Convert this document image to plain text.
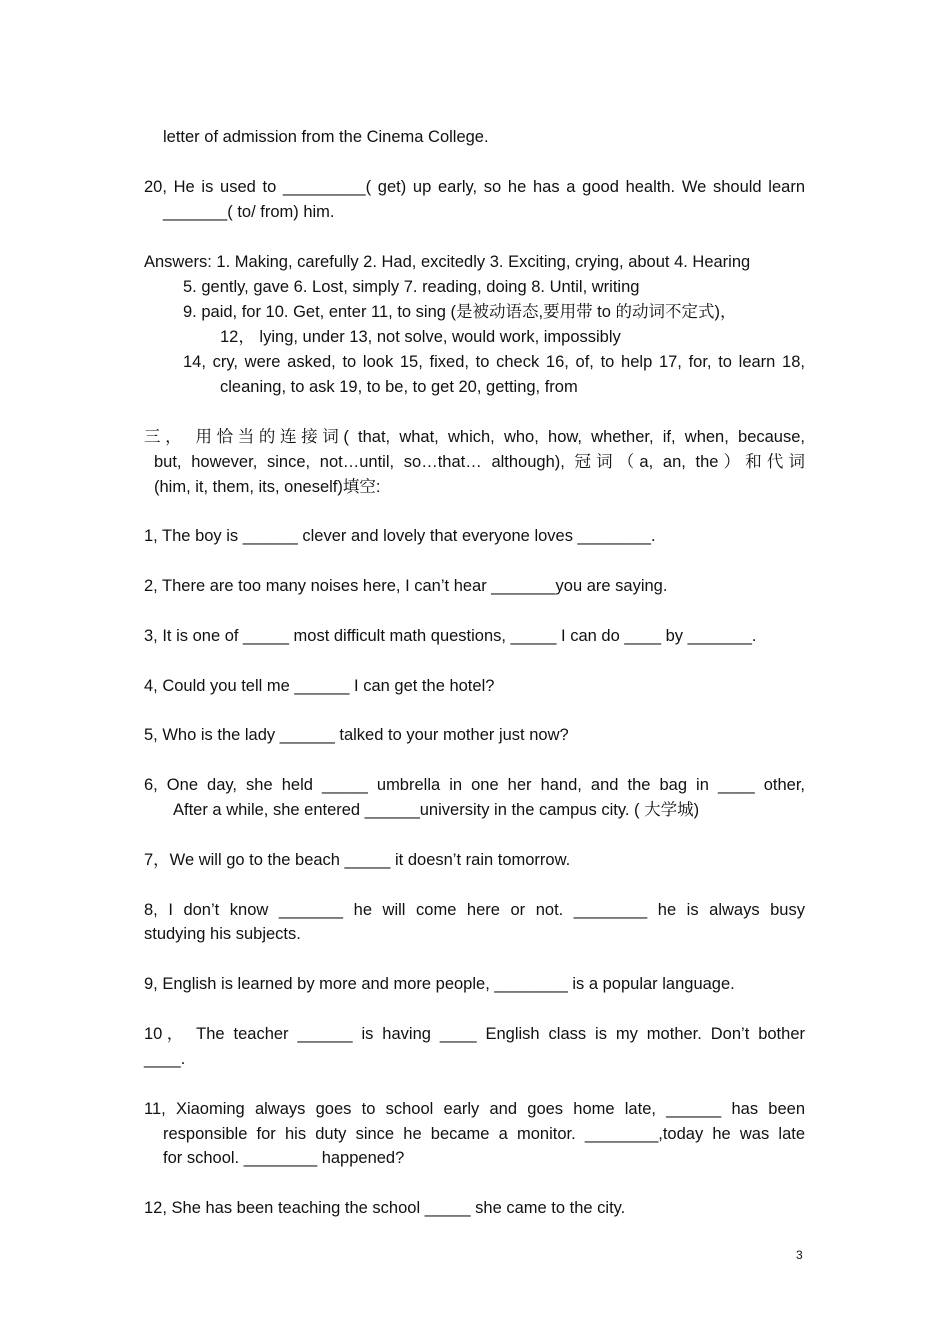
letter of admission from the Cinema College.
20, He is used to _________( get) up early, so he has a good health. We should learn
_______( to/ from) him.
Answers: 1. Making, carefully 2. Had, excitedly 3. Exciting, crying, about 4. Hearing
5. gently, gave 6. Lost, simply 7. reading, doing 8. Until, writing
9. paid, for 10. Get, enter 11, to sing (是被动语态,要用带 to 的动词不定式)，
12， lying, under 13, not solve, would work, impossibly
14, cry, were asked, to look 15, fixed, to check 16, of, to help 17, for, to learn 18,
cleaning, to ask 19, to be, to get 20, getting, from
三， 用恰当的连接词( that, what, which, who, how, whether, if, when, because,
but, however, since, not…until, so…that… although), 冠词（a, an, the）和代词
(him, it, them, its, oneself)填空:
1, The boy is ______ clever and lovely that everyone loves ________.
2, There are too many noises here, I can’t hear _______you are saying.
3, It is one of _____ most difficult math questions, _____ I can do ____ by _______.
4, Could you tell me ______ I can get the hotel?
5, Who is the lady ______ talked to your mother just now?
6, One day, she held _____ umbrella in one her hand, and the bag in ____ other,
After a while, she entered ______university in the campus city. ( 大学城)
7，We will go to the beach _____ it doesn’t rain tomorrow.
8, I don’t know _______ he will come here or not. ________ he is always busy
studying his subjects.
9, English is learned by more and more people, ________ is a popular language.
10， The teacher ______ is having ____ English class is my mother. Don’t bother
____.
11, Xiaoming always goes to school early and goes home late, ______ has been
responsible for his duty since he became a monitor. ________,today he was late
for school. ________ happened?
12, She has been teaching the school _____ she came to the city.
3
